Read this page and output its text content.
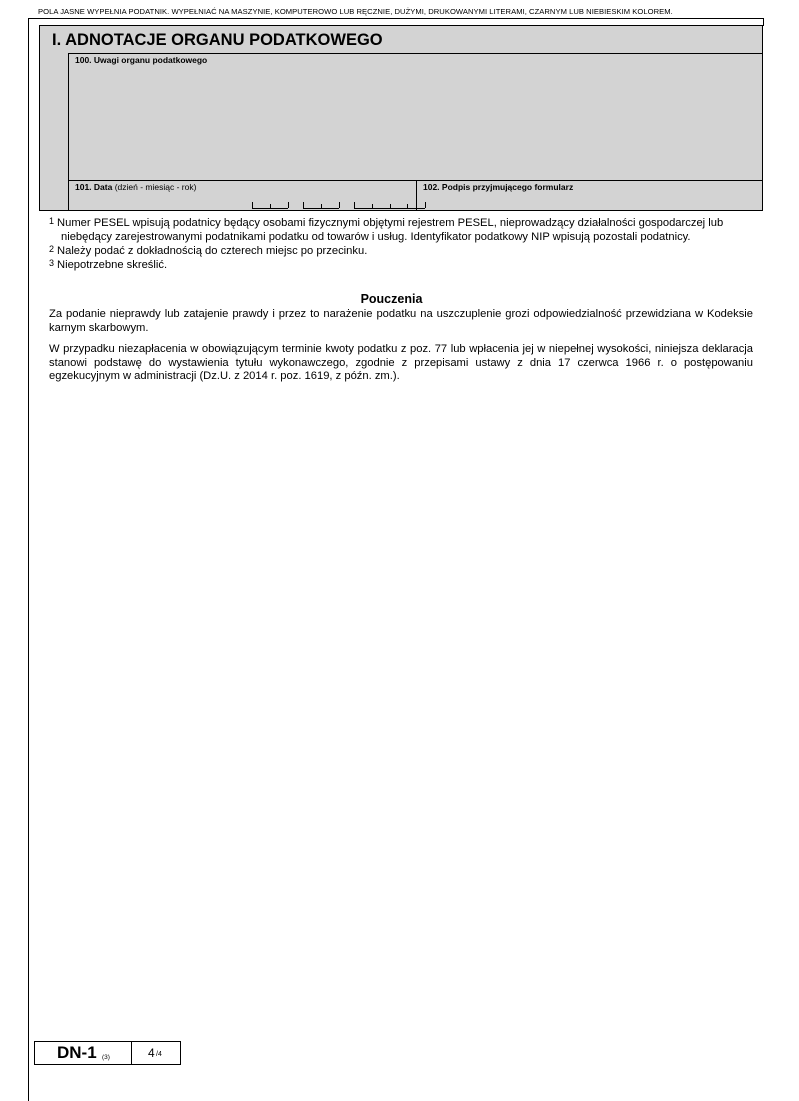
POLA JASNE WYPEŁNIA PODATNIK. WYPEŁNIAĆ NA MASZYNIE, KOMPUTEROWO LUB RĘCZNIE, DUŻYMI, DRUKOWANYMI LITERAMI, CZARNYM LUB NIEBIESKIM KOLOREM.
I. ADNOTACJE ORGANU PODATKOWEGO
100. Uwagi organu podatkowego
101. Data (dzień - miesiąc - rok)	102. Podpis przyjmującego formularz
$^1$ Numer PESEL wpisują podatnicy będący osobami fizycznymi objętymi rejestrem PESEL, nieprowadzący działalności gospodarczej lub
niebędący zarejestrowanymi podatnikami podatku od towarów i usług. Identyfikator podatkowy NIP wpisują pozostali podatnicy.
$^2$ Należy podać z dokładnością do czterech miejsc po przecinku.
$^3$ Niepotrzebne skreślić.
Pouczenia
Za podanie nieprawdy lub zatajenie prawdy i przez to narażenie podatku na uszczuplenie grozi odpowiedzialność przewidziana w Kodeksie karnym skarbowym.
W przypadku niezapłacenia w obowiązującym terminie kwoty podatku z poz. 77 lub wpłacenia jej w niepełnej wysokości, niniejsza deklaracja stanowi podstawę do wystawienia tytułu wykonawczego, zgodnie z przepisami ustawy z dnia 17 czerwca 1966 r. o postępowaniu egzekucyjnym w administracji (Dz.U. z 2014 r. poz. 1619, z późn. zm.).
DN-1 (3)	4 /4
